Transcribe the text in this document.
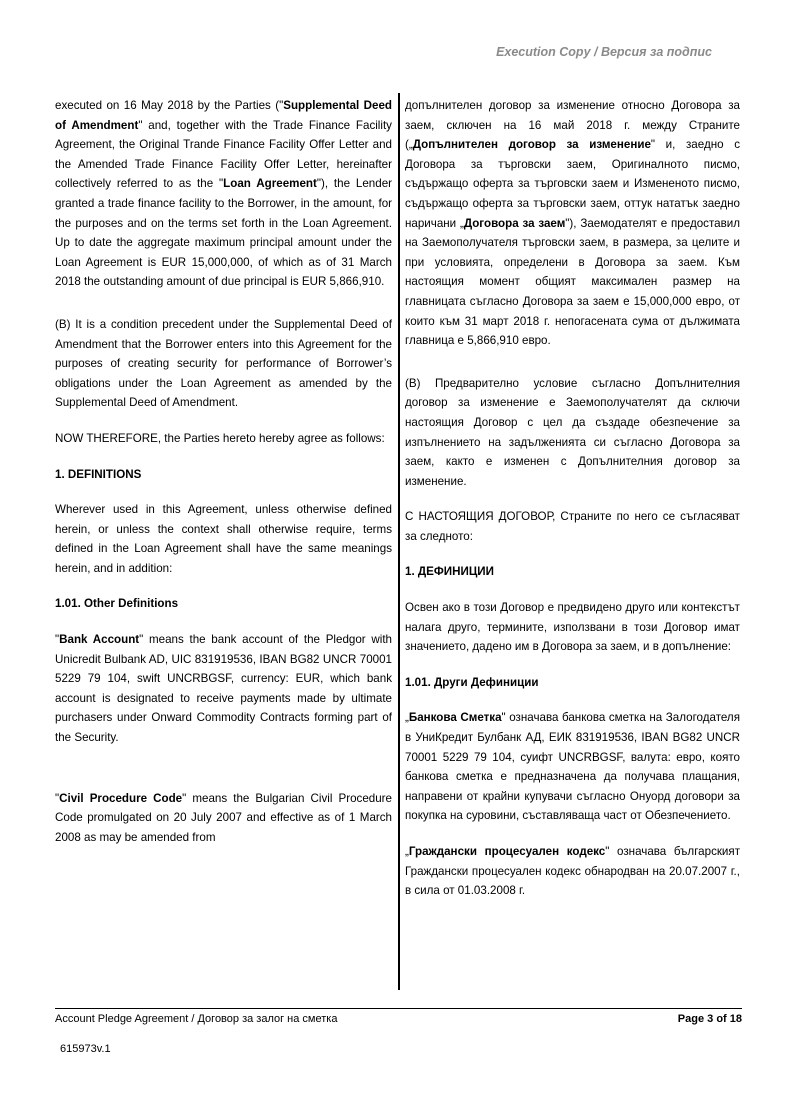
Execution Copy / Версия за подпис

executed on 16 May 2018 by the Parties ("Supplemental Deed of Amendment" and, together with the Trade Finance Facility Agreement, the Original Trande Finance Facility Offer Letter and the Amended Trade Finance Facility Offer Letter, hereinafter collectively referred to as the "Loan Agreement"), the Lender granted a trade finance facility to the Borrower, in the amount, for the purposes and on the terms set forth in the Loan Agreement. Up to date the aggregate maximum principal amount under the Loan Agreement is EUR 15,000,000, of which as of 31 March 2018 the outstanding amount of due principal is EUR 5,866,910.

(B) It is a condition precedent under the Supplemental Deed of Amendment that the Borrower enters into this Agreement for the purposes of creating security for performance of Borrower’s obligations under the Loan Agreement as amended by the Supplemental Deed of Amendment.

NOW THEREFORE, the Parties hereto hereby agree as follows:

1. DEFINITIONS

Wherever used in this Agreement, unless otherwise defined herein, or unless the context shall otherwise require, terms defined in the Loan Agreement shall have the same meanings herein, and in addition:

1.01. Other Definitions

"Bank Account" means the bank account of the Pledgor with Unicredit Bulbank AD, UIC 831919536, IBAN BG82 UNCR 70001 5229 79 104, swift UNCRBGSF, currency: EUR, which bank account is designated to receive payments made by ultimate purchasers under Onward Commodity Contracts forming part of the Security.

"Civil Procedure Code" means the Bulgarian Civil Procedure Code promulgated on 20 July 2007 and effective as of 1 March 2008 as may be amended from

допълнителен договор за изменение относно Договора за заем, сключен на 16 май 2018 г. между Страните („Допълнителен договор за изменение" и, заедно с Договора за търговски заем, Оригиналното писмо, съдържащо оферта за търговски заем и Измененото писмо, съдържащо оферта за търговски заем, оттук нататък заедно наричани „Договора за заем"), Заемодателят е предоставил на Заемополучателя търговски заем, в размера, за целите и при условията, определени в Договора за заем. Към настоящия момент общият максимален размер на главницата съгласно Договора за заем е 15,000,000 евро, от които към 31 март 2018 г. непогасената сума от дължимата главница е 5,866,910 евро.

(B) Предварително условие съгласно Допълнителния договор за изменение е Заемополучателят да сключи настоящия Договор с цел да създаде обезпечение за изпълнението на задълженията си съгласно Договора за заем, както е изменен с Допълнителния договор за изменение.

С НАСТОЯЩИЯ ДОГОВОР, Страните по него се съгласяват за следното:

1. ДЕФИНИЦИИ

Освен ако в този Договор е предвидено друго или контекстът налага друго, термините, използвани в този Договор имат значението, дадено им в Договора за заем, и в допълнение:

1.01. Други Дефиниции

„Банкова Сметка" означава банкова сметка на Залогодателя в УниКредит Булбанк АД, ЕИК 831919536, IBAN BG82 UNCR 70001 5229 79 104, суифт UNCRBGSF, валута: евро, която банкова сметка е предназначена да получава плащания, направени от крайни купувачи съгласно Онуорд договори за покупка на суровини, съставляваща част от Обезпечението.

„Граждански процесуален кодекс" означава българският Граждански процесуален кодекс обнародван на 20.07.2007 г., в сила от 01.03.2008 г.

Account Pledge Agreement / Договор за залог на сметка	Page 3 of 18
615973v.1
